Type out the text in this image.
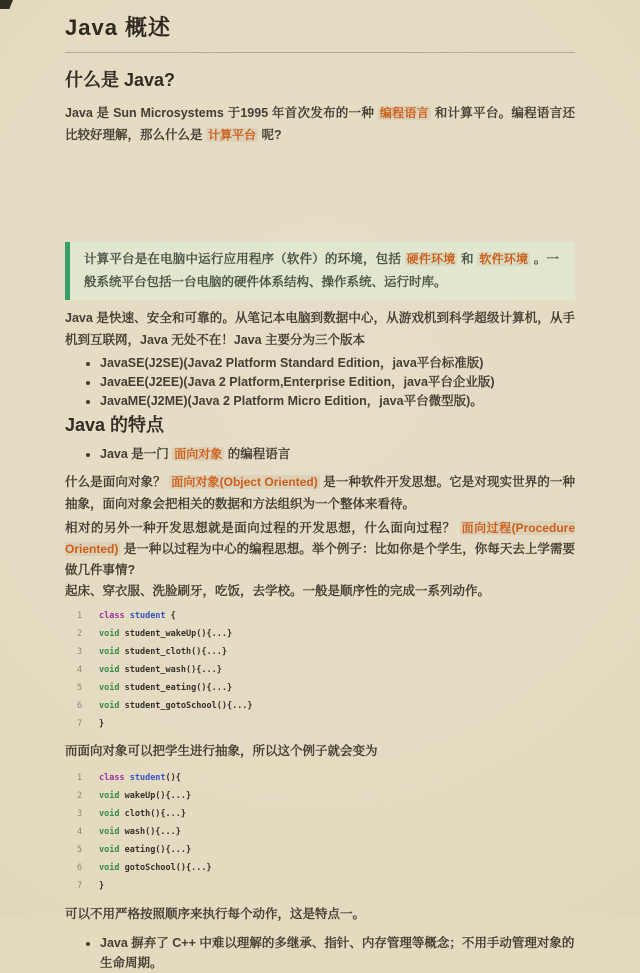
Java 概述
什么是 Java?

Java 是 Sun Microsystems 于1995 年首次发布的一种 编程语言 和计算平台。编程语言还比较好理解，那么什么是 计算平台 呢?

计算平台是在电脑中运行应用程序（软件）的环境，包括 硬件环境 和 软件环境 。一般系统平台包括一台电脑的硬件体系结构、操作系统、运行时库。

Java 是快速、安全和可靠的。从笔记本电脑到数据中心，从游戏机到科学超级计算机，从手机到互联网，Java 无处不在！Java 主要分为三个版本

• JavaSE(J2SE)(Java2 Platform Standard Edition，java平台标准版)
• JavaEE(J2EE)(Java 2 Platform,Enterprise Edition，java平台企业版)
• JavaME(J2ME)(Java 2 Platform Micro Edition，java平台微型版)。
Java 的特点
• Java 是一门 面向对象 的编程语言

什么是面向对象？ 面向对象(Object Oriented) 是一种软件开发思想。它是对现实世界的一种抽象，面向对象会把相关的数据和方法组织为一个整体来看待。

相对的另外一种开发思想就是面向过程的开发思想，什么面向过程？ 面向过程(Procedure Oriented) 是一种以过程为中心的编程思想。举个例子：比如你是个学生，你每天去上学需要做几件事情?

起床、穿衣服、洗脸刷牙，吃饭，去学校。一般是顺序性的完成一系列动作。

1 class student {
2 void student_wakeUp(){...}
3 void student_cloth(){...}
4 void student_wash(){...}
5 void student_eating(){...}
6 void student_gotoSchool(){...}
7 }

而面向对象可以把学生进行抽象，所以这个例子就会变为

1 class student(){
2 void wakeUp(){...}
3 void cloth(){...}
4 void wash(){...}
5 void eating(){...}
6 void gotoSchool(){...}
7 }

可以不用严格按照顺序来执行每个动作，这是特点一。

• Java 摒弃了 C++ 中难以理解的多继承、指针、内存管理等概念；不用手动管理对象的生命周期。
